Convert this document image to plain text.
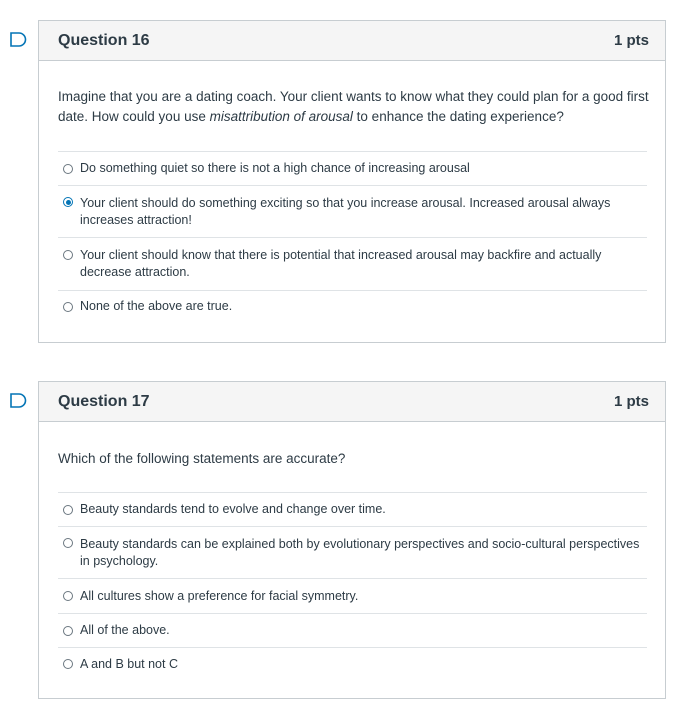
Question 16	1 pts
Imagine that you are a dating coach. Your client wants to know what they could plan for a good first date. How could you use misattribution of arousal to enhance the dating experience?
Do something quiet so there is not a high chance of increasing arousal
Your client should do something exciting so that you increase arousal. Increased arousal always increases attraction!
Your client should know that there is potential that increased arousal may backfire and actually decrease attraction.
None of the above are true.
Question 17	1 pts
Which of the following statements are accurate?
Beauty standards tend to evolve and change over time.
Beauty standards can be explained both by evolutionary perspectives and socio-cultural perspectives in psychology.
All cultures show a preference for facial symmetry.
All of the above.
A and B but not C
